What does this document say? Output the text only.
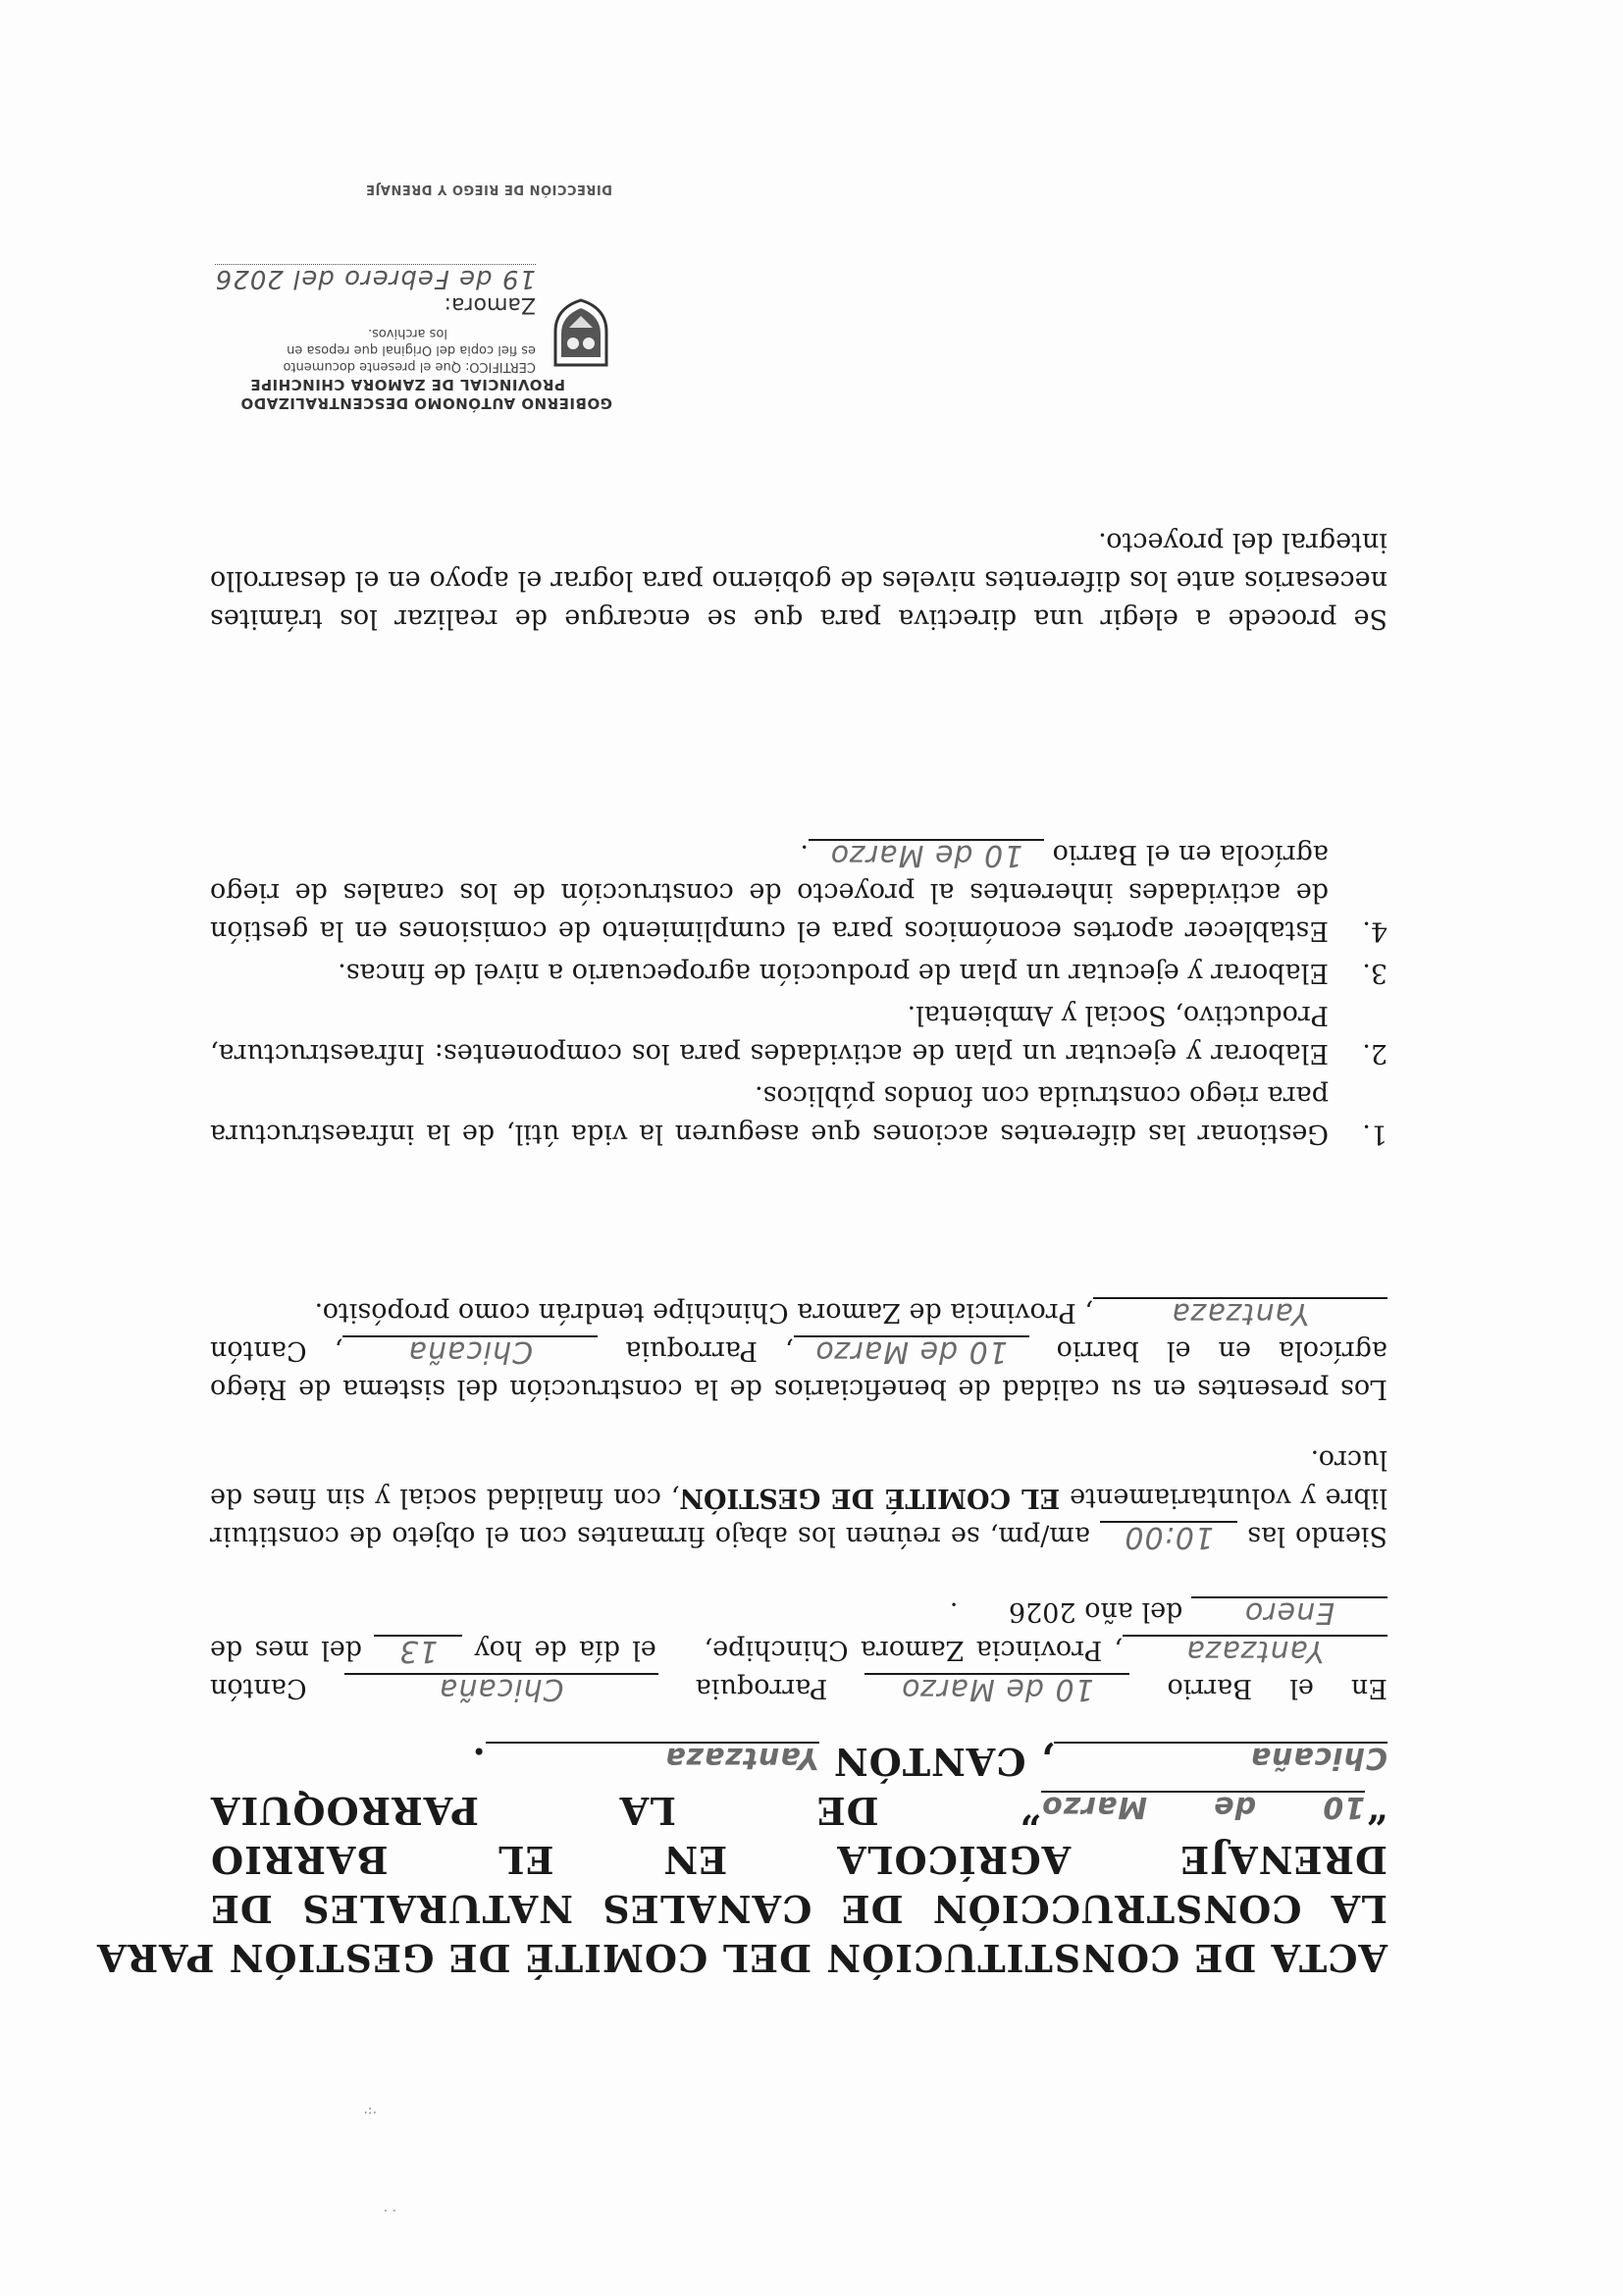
ACTA DE CONSTITUCIÓN DEL COMITÉ DE GESTIÓN PARA
LA CONSTRUCCIÓN DE CANALES NATURALES DE
DRENAJE AGRÍCOLA EN EL BARRIO
“10 de Marzo” DE LA PARROQUIA
Chicaña, CANTÓN Yantzaza.
En el Barrio 10 de Marzo Parroquia Chicaña Cantón Yantzaza, Provincia Zamora Chinchipe,    el día de hoy 13 del mes de Enero del año 2026      .
Siendo las 10:00 am/pm, se reúnen los abajo firmantes con el objeto de constituir libre y voluntariamente EL COMITÉ DE GESTIÓN, con finalidad social y sin fines de lucro.
Los presentes en su calidad de beneficiarios de la construcción del sistema de Riego agrícola en el barrio 10 de Marzo, Parroquia Chicaña, Cantón Yantzaza, Provincia de Zamora Chinchipe tendrán como propósito.
1.
Gestionar las diferentes acciones que aseguren la vida útil, de la infraestructura para riego construida con fondos públicos.
2.
Elaborar y ejecutar un plan de actividades para los componentes: Infraestructura, Productivo, Social y Ambiental.
3.
Elaborar y ejecutar un plan de producción agropecuario a nivel de fincas.
4.
Establecer aportes económicos para el cumplimiento de comisiones en la gestión de actividades inherentes al proyecto de construcción de los canales de riego agrícola en el Barrio 10 de Marzo.
Se procede a elegir una directiva para que se encargue de realizar los trámites necesarios ante los diferentes niveles de gobierno para lograr el apoyo en el desarrollo integral del proyecto.
GOBIERNO AUTÓNOMO DESCENTRALIZADO
PROVINCIAL DE ZAMORA CHINCHIPE
CERTIFICO: Que el presente documento
es fiel copia del Original que reposa en
los archivos.
Zamora: 19 de Febrero del 2026
DIRECCIÓN DE RIEGO Y DRENAJE
·:·
· ·
